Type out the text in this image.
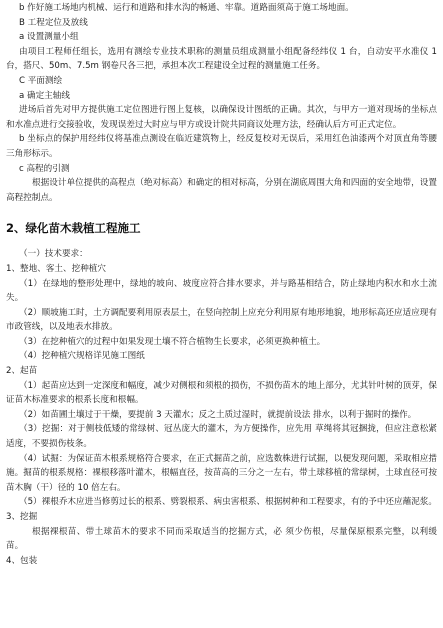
b 作好施工场地内机械、运行和道路和排水沟的畅通、牢靠。道路面须高于施工场地面。

B 工程定位及放线

a 设置测量小组

由项目工程师任组长，选用有测绘专业技术职称的测量员组成测量小组配备经纬仪 1 台，自动安平水准仪 1 台，搭尺、50m、7.5m 钢卷尺各三把，承担本次工程建设全过程的测量施工任务。

C 平面测绘

a 确定主轴线

进场后首先对甲方提供施工定位图进行图上复核，以确保设计图纸的正确。其次，与甲方一道对现场的坐标点和水准点进行交接验收，发现误差过大时应与甲方或设计院共同商议处理方法，经确认后方可正式定位。

b 坐标点的保护用经纬仪将基准点测设在临近建筑物上，经反复校对无误后，采用红色油漆两个对顶直角等腰三角形标示。

c 高程的引测

根据设计单位提供的高程点（绝对标高）和确定的相对标高，分别在湖底周围大角和四面的安全地带，设置高程控制点。

2、绿化苗木栽植工程施工

（一）技术要求：

1、整地、客土、挖种植穴

（1）在绿地的整形处理中，绿地的坡向、坡度应符合排水要求，并与路基相结合，防止绿地内积水和水土流失。

（2）顺坡施工时，土方调配要利用原表层土，在竖向控制上应充分利用原有地形地貌，地形标高还应适应现有市政管线，以及地表水排放。

（3）在挖种植穴的过程中如果发现土壤不符合植物生长要求，必须更换种植土。

（4）挖种植穴规格详见施工图纸

2、起苗

（1）起苗应达到一定深度和幅度，减少对侧根和须根的损伤，不损伤苗木的地上部分，尤其针叶树的顶芽，保证苗木标准要求的根系长度和根幅。

（2）如苗圃土壤过于干燥，要提前 3 天灌水；反之土质过湿时，就提前设法 排水，以利于掘时的操作。

（3）挖掘：对于侧枝低矮的常绿树、冠丛庞大的灌木，为方便操作，应先用 草绳将其冠捆拢，但应注意松紧适度，不要损伤枝条。

（4）试掘：为保证苗木根系规格符合要求，在正式掘苗之前，应选数株进行试掘，以便发现问题，采取相应措施。掘苗的根系规格：裸根移落叶灌木，根幅直径，按苗高的三分之一左右，带土球移植的常绿树，土球直径可按苗木胸（干）径的 10 倍左右。

（5）裸根乔木应进当修剪过长的根系、劈裂根系、病虫害根系、根据树种和工程要求，有的予中还应蘸泥浆。

3、挖掘

根据裸根苗、带土球苗木的要求不同而采取适当的挖掘方式，必 须少伤根，尽量保原根系完整，以利缓苗。

4、包装
